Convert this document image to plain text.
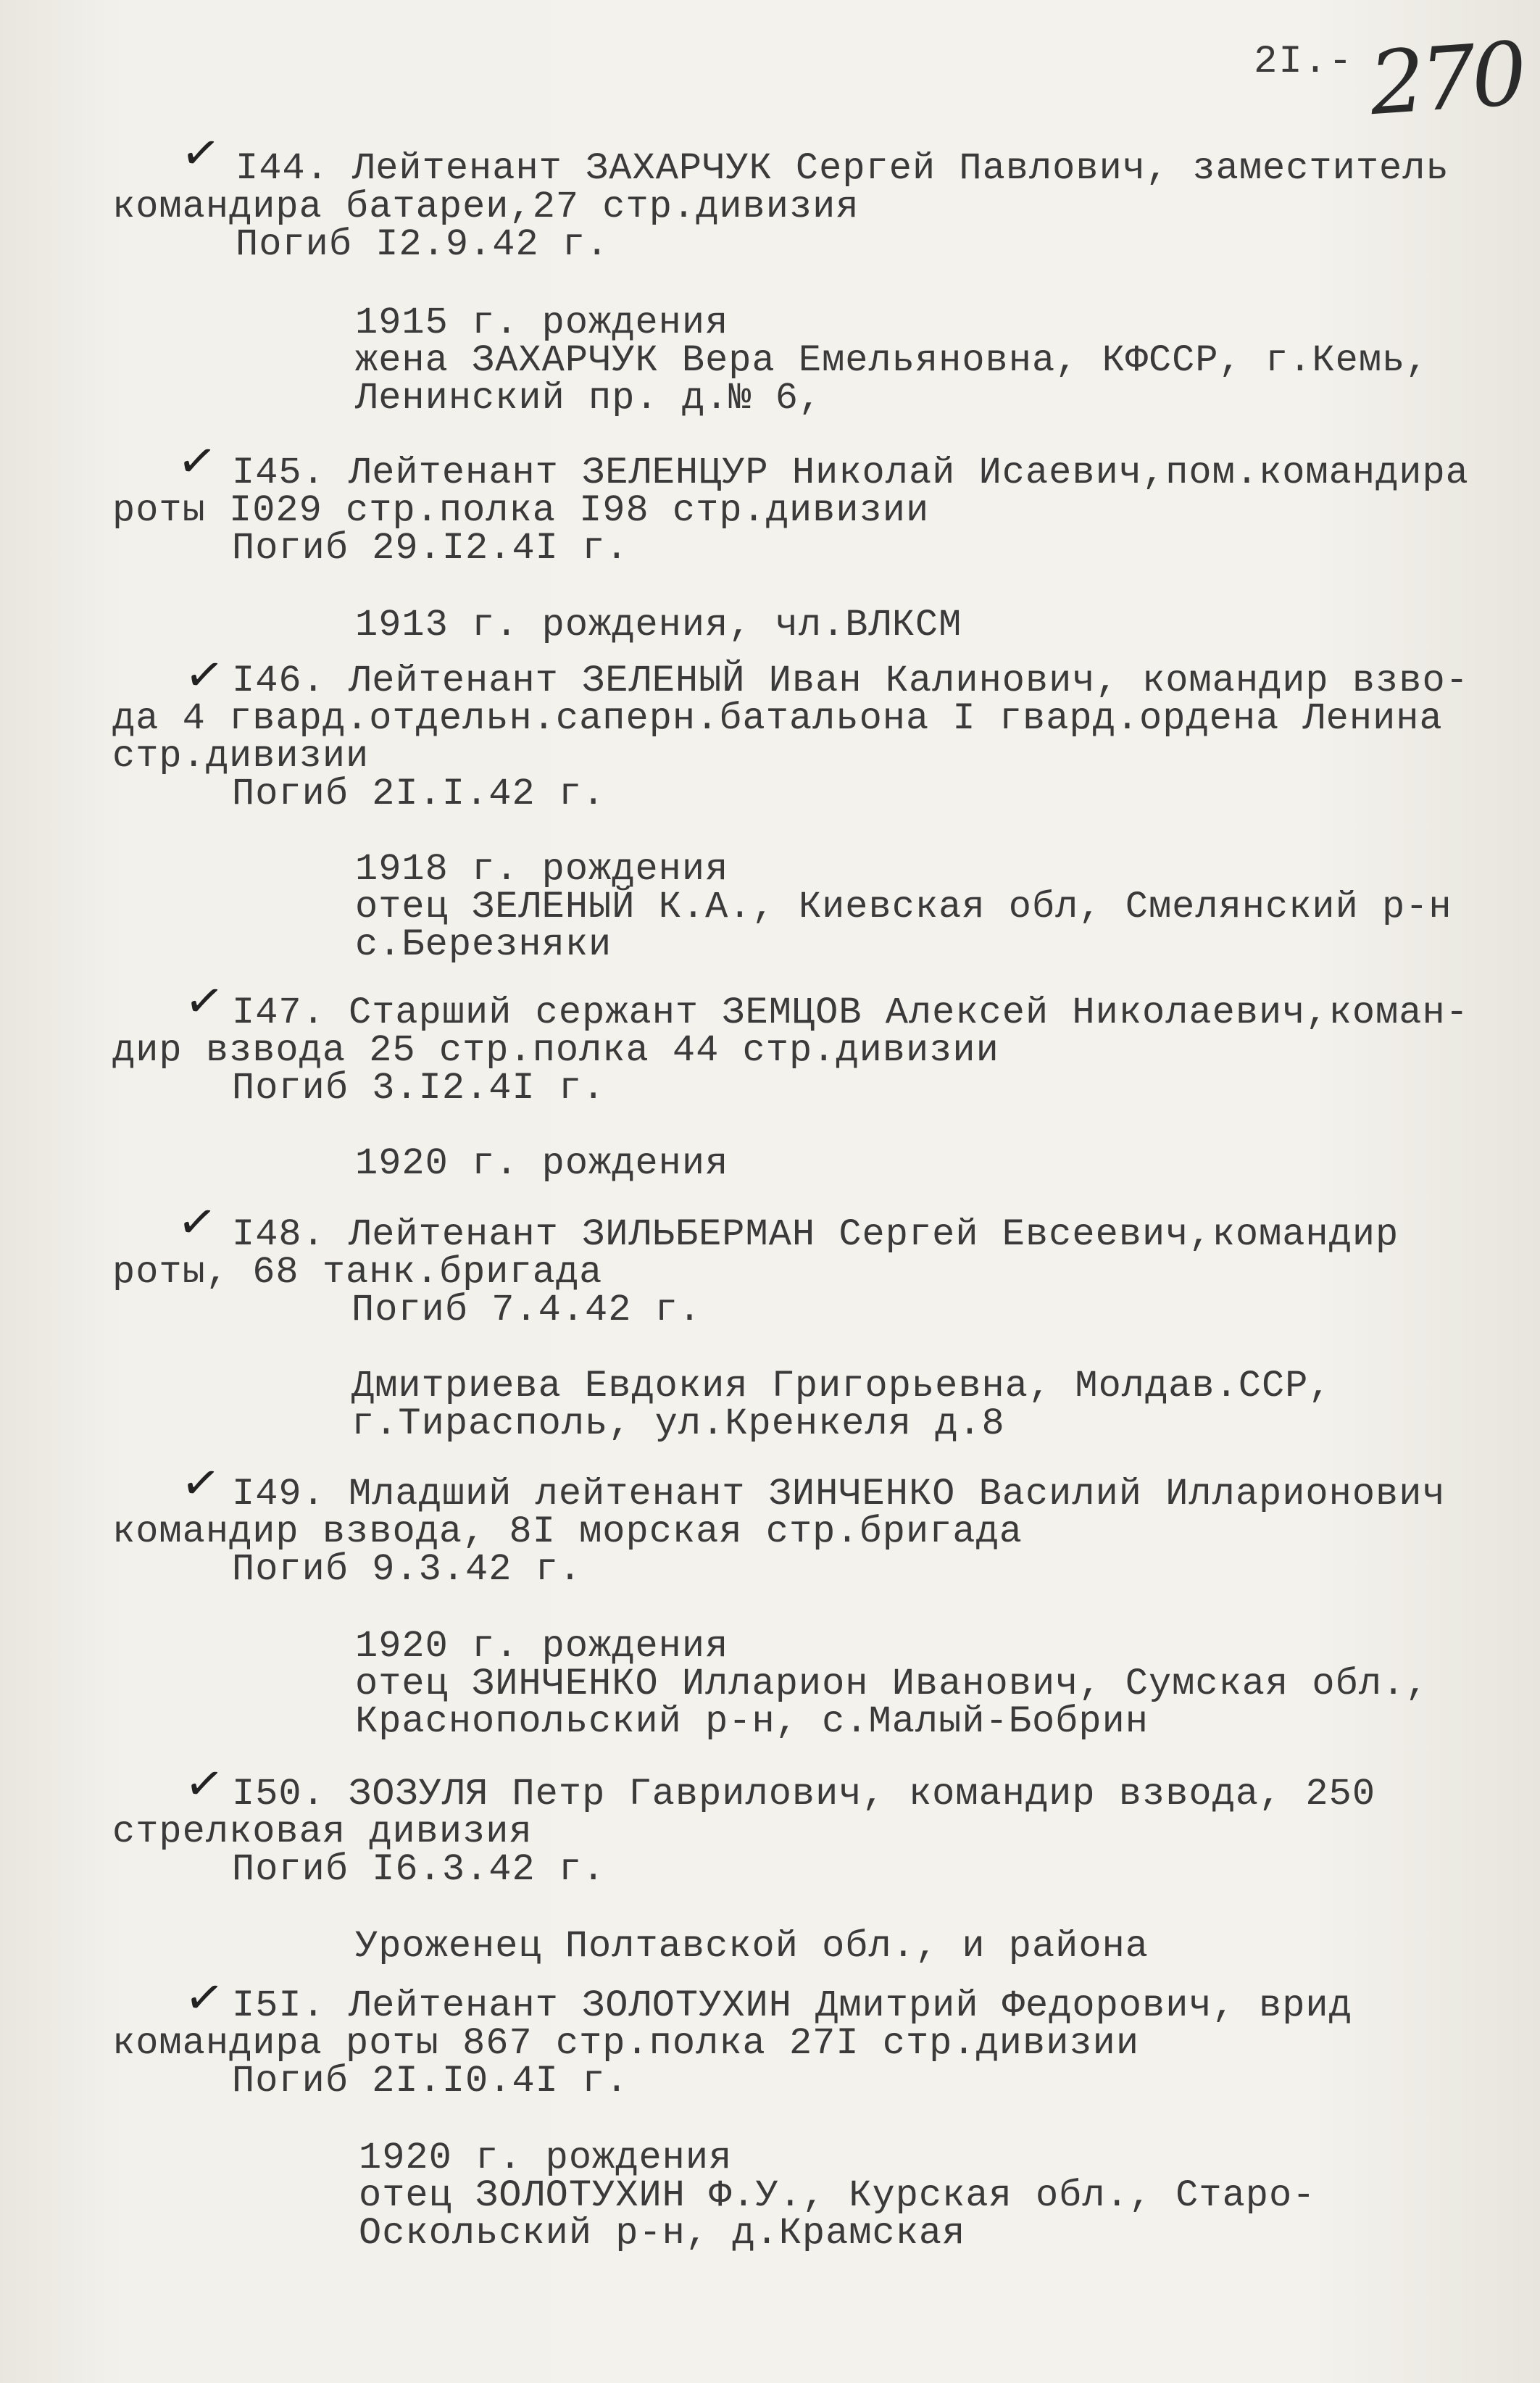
2I.- 270
✓ I44. Лейтенант ЗАХАРЧУК Сергей Павлович, заместитель
командира батареи,27 стр.дивизия
Погиб I2.9.42 г.
1915 г. рождения
жена ЗАХАРЧУК Вера Емельяновна, КФССР, г.Кемь,
Ленинский пр. д.№ 6,
✓ I45. Лейтенант ЗЕЛЕНЦУР Николай Исаевич,пом.командира
роты I029 стр.полка I98 стр.дивизии
Погиб 29.I2.4I г.
1913 г. рождения, чл.ВЛКСМ
✓ I46. Лейтенант ЗЕЛЕНЫЙ Иван Калинович, командир взво-
да 4 гвард.отдельн.саперн.батальона I гвард.ордена Ленина
стр.дивизии
Погиб 2I.I.42 г.
1918 г. рождения
отец ЗЕЛЕНЫЙ К.А., Киевская обл, Смелянский р-н
с.Березняки
✓ I47. Старший сержант ЗЕМЦОВ Алексей Николаевич,коман-
дир взвода 25 стр.полка 44 стр.дивизии
Погиб 3.I2.4I г.
1920 г. рождения
✓ I48. Лейтенант ЗИЛЬБЕРМАН Сергей Евсеевич,командир
роты, 68 танк.бригада
Погиб 7.4.42 г.
Дмитриева Евдокия Григорьевна, Молдав.ССР,
г.Тирасполь, ул.Кренкеля д.8
✓ I49. Младший лейтенант ЗИНЧЕНКО Василий Илларионович
командир взвода, 8I морская стр.бригада
Погиб 9.3.42 г.
1920 г. рождения
отец ЗИНЧЕНКО Илларион Иванович, Сумская обл.,
Краснопольский р-н, с.Малый-Бобрин
✓ I50. ЗОЗУЛЯ Петр Гаврилович, командир взвода, 250
стрелковая дивизия
Погиб I6.3.42 г.
Уроженец Полтавской обл., и района
✓ I5I. Лейтенант ЗОЛОТУХИН Дмитрий Федорович, врид
командира роты 867 стр.полка 27I стр.дивизии
Погиб 2I.I0.4I г.
1920 г. рождения
отец ЗОЛОТУХИН Ф.У., Курская обл., Старо-
Оскольский р-н, д.Крамская
